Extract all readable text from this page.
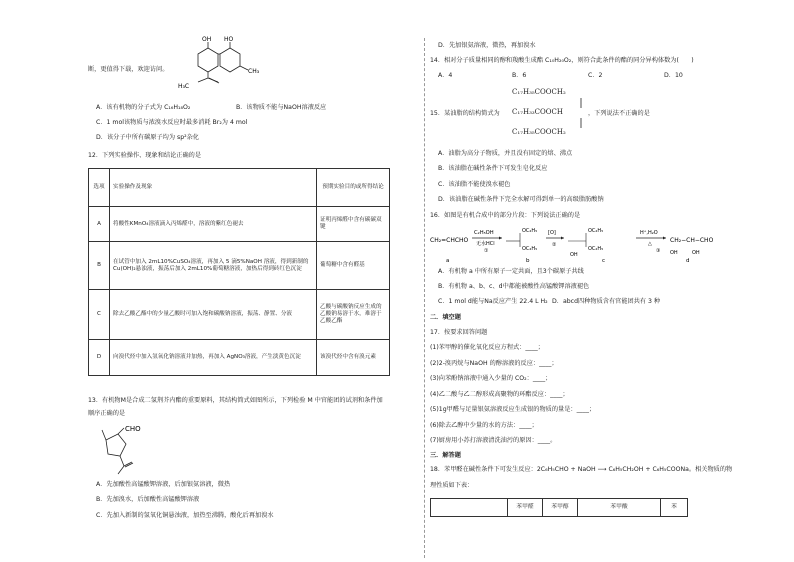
OH HO
CH₃
H₃C
断，更值得下载，欢迎访问。
A．该有机物的分子式为 C₁₆H₁₈O₂	B．该物质不能与NaOH溶液反应
C．1 mol该物质与浓溴水反应时最多消耗 Br₂为 4 mol
D．该分子中所有碳原子均为 sp²杂化
12．下列实验操作、现象和结论正确的是
选项	实验操作及现象	预期实验目的或所得结论
A	将酸性KMnO₄溶液滴入丙烯醛中，溶液的紫红色褪去	证明丙烯醛中含有碳碳双键
B	在试管中加入 2mL10%CuSO₄溶液，再加入 5 滴5%NaOH 溶液，得到新制的 Cu(OH)₂悬浊液，振荡后加入 2mL10%葡萄糖溶液，加热后得到砖红色沉淀	葡萄糖中含有醛基
C	除去乙酸乙酯中的少量乙酸时可加入饱和碳酸钠溶液，振荡、静置、分液	乙酸与碳酸钠反应生成的乙酸钠易溶于水，难溶于乙酸乙酯
D	向溴代烃中加入氢氧化钠溶液并加热，再加入 AgNO₃溶液，产生淡黄色沉淀	该溴代烃中含有溴元素
13．有机物M是合成二氢荆芥内酯的重要原料，其结构简式如图所示，下列检验 M 中官能团的试剂和条件加
顺序正确的是
CHO
A．先加酸性高锰酸钾溶液，后加银氨溶液，微热
B．先加溴水，后加酸性高锰酸钾溶液
C．先加入新制的氢氧化铜悬浊液，加热至沸腾，酸化后再加溴水
D．先加银氨溶液，微热，再加溴水
14．相对分子质量相同的醇和羧酸生成酯 C₁₀H₂₀O₂，则符合此条件的酯的同分异构体数为(　　)
A．4	B．6	C．2	D．10
C₁₇H₃₅COOCH₂
C₁₇H₃₃COOCH
C₁₇H₃₅COOCH₂
15．某油脂的结构简式为	，下列说法不正确的是
A．油脂为高分子物质，并且没有固定的熔、沸点
B．该油脂在碱性条件下可发生皂化反应
C．该油脂不能使溴水褪色
D．该油脂在碱性条件下完全水解可得到单一的高级脂肪酸钠
16．如图是有机合成中的部分片段：下列说法正确的是
CH₂=CHCHO
C₂H₅OH
无水HCl
①
OC₂H₅
OC₂H₅
[O]
②
OC₂H₅
OC₂H₅
OH
H⁺,H₂O
△
③
CH₂−CH−CHO
OH	OH
a	b	c	d
A．有机物 a 中所有原子一定共面，且3个碳原子共线
B．有机物 a、b、c、d中都能被酸性高锰酸钾溶液褪色
C．1 mol d能与Na反应产生 22.4 L H₂ D．abcd四种物质含有官能团共有 3 种
二．填空题
17．按要求回答问题
(1)苯甲醇的催化氧化反应方程式：____；
(2)2-溴丙烷与NaOH 的醇溶液的反应：____；
(3)向苯酚钠溶液中通入少量的 CO₂：____；
(4)乙二酸与乙二醇形成高聚物的环酯反应：____；
(5)1g甲醛与足量银氨溶液反应生成银的物质的量是：____；
(6)除去乙醇中少量的水的方法：____；
(7)厨房用小苏打溶液清洗油污的原因：____。
三．解答题
18．苯甲醛在碱性条件下可发生反应：2C₆H₅CHO + NaOH ⟶ C₆H₅CH₂OH + C₆H₅COONa。相关物质的物
理性质如下表：
	苯甲醛	苯甲醇	苯甲酸	苯
